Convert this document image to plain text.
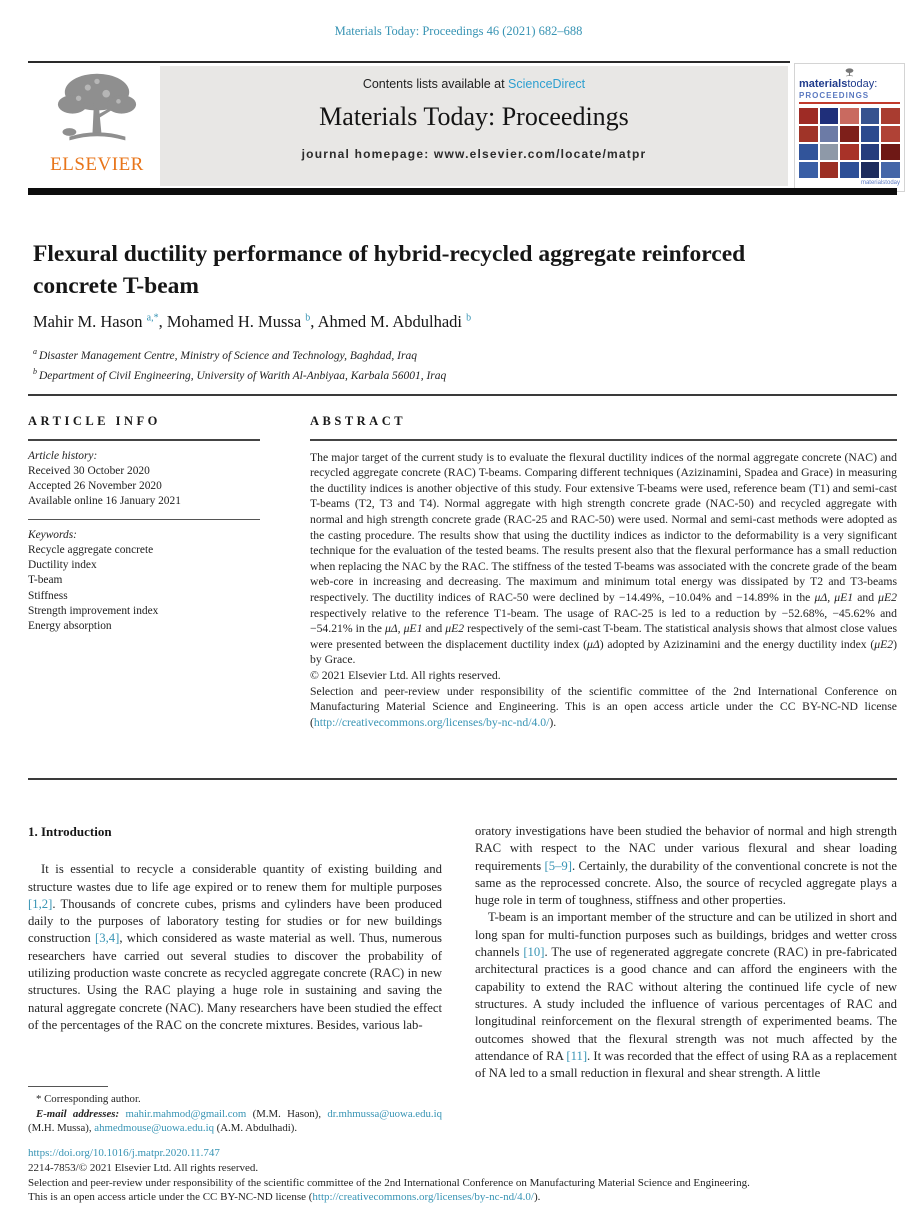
Materials Today: Proceedings 46 (2021) 682–688
ELSEVIER
Contents lists available at ScienceDirect
Materials Today: Proceedings
journal homepage: www.elsevier.com/locate/matpr
materialstoday:
PROCEEDINGS
materialstoday
Flexural ductility performance of hybrid-recycled aggregate reinforced concrete T-beam
Mahir M. Hason $^{a,*}$, Mohamed H. Mussa $^b$, Ahmed M. Abdulhadi $^b$
$^a$ Disaster Management Centre, Ministry of Science and Technology, Baghdad, Iraq
$^b$ Department of Civil Engineering, University of Warith Al-Anbiyaa, Karbala 56001, Iraq
ARTICLE INFO
Article history:
Received 30 October 2020
Accepted 26 November 2020
Available online 16 January 2021
Keywords:
Recycle aggregate concrete
Ductility index
T-beam
Stiffness
Strength improvement index
Energy absorption
ABSTRACT
The major target of the current study is to evaluate the flexural ductility indices of the normal aggregate concrete (NAC) and recycled aggregate concrete (RAC) T-beams. Comparing different techniques (Azizinamini, Spadea and Grace) in measuring the ductility indices is another objective of this study. Four extensive T-beams were used, reference beam (T1) and semi-cast T-beams (T2, T3 and T4). Normal aggregate with high strength concrete grade (NAC-50) and recycled aggregate with normal and high strength concrete grade (RAC-25 and RAC-50) were used. Normal and semi-cast methods were adopted as the casting procedure. The results show that using the ductility indices as indictor to the deformability is a very significant technique for the evaluation of the tested beams. The results present also that the flexural performance has a small reduction when replacing the NAC by the RAC. The stiffness of the tested T-beams was associated with the concrete grade of the beam web-core in increasing and decreasing. The maximum and minimum total energy was dissipated by T2 and T3-beams respectively. The ductility indices of RAC-50 were declined by −14.49%, −10.04% and −14.89% in the μΔ, μE1 and μE2 respectively relative to the reference T1-beam. The usage of RAC-25 is led to a reduction by −52.68%, −45.62% and −54.21% in the μΔ, μE1 and μE2 respectively of the semi-cast T-beam. The statistical analysis shows that almost close values were presented between the displacement ductility index (μΔ) adopted by Azizinamini and the energy ductility index (μE2) by Grace.
© 2021 Elsevier Ltd. All rights reserved.
Selection and peer-review under responsibility of the scientific committee of the 2nd International Conference on Manufacturing Material Science and Engineering. This is an open access article under the CC BY-NC-ND license (http://creativecommons.org/licenses/by-nc-nd/4.0/).
1. Introduction

It is essential to recycle a considerable quantity of existing building and structure wastes due to life age expired or to renew them for multiple purposes [1,2]. Thousands of concrete cubes, prisms and cylinders have been produced daily to the purposes of laboratory testing for studies or for new buildings construction [3,4], which considered as waste material as well. Thus, numerous researchers have carried out several studies to discover the probability of utilizing production waste concrete as recycled aggregate concrete (RAC) in new structures. Using the RAC playing a huge role in sustaining and saving the natural aggregate concrete (NAC). Many researchers have been studied the effect of the percentages of the RAC on the concrete mixtures. Besides, various lab-

oratory investigations have been studied the behavior of normal and high strength RAC with respect to the NAC under various flexural and shear loading requirements [5–9]. Certainly, the durability of the conventional concrete is not the same as the reprocessed concrete. Also, the source of recycled aggregate plays a huge role in term of toughness, stiffness and other properties.

T-beam is an important member of the structure and can be utilized in short and long span for multi-function purposes such as buildings, bridges and wetter cross channels [10]. The use of regenerated aggregate concrete (RAC) in pre-fabricated architectural practices is a good chance and can afford the engineers with the capability to extend the RAC without altering the continued life cycle of new structures. A study included the influence of various percentages of RAC and longitudinal reinforcement on the flexural strength of experimented beams. The outcomes showed that the flexural strength was not much affected by the attendance of RA [11]. It was recorded that the effect of using RA as a replacement of NA led to a small reduction in flexural and shear strength. A little

* Corresponding author.
E-mail addresses: mahir.mahmod@gmail.com (M.M. Hason), dr.mhmussa@uowa.edu.iq (M.H. Mussa), ahmedmouse@uowa.edu.iq (A.M. Abdulhadi).
https://doi.org/10.1016/j.matpr.2020.11.747
2214-7853/© 2021 Elsevier Ltd. All rights reserved.
Selection and peer-review under responsibility of the scientific committee of the 2nd International Conference on Manufacturing Material Science and Engineering.
This is an open access article under the CC BY-NC-ND license (http://creativecommons.org/licenses/by-nc-nd/4.0/).
